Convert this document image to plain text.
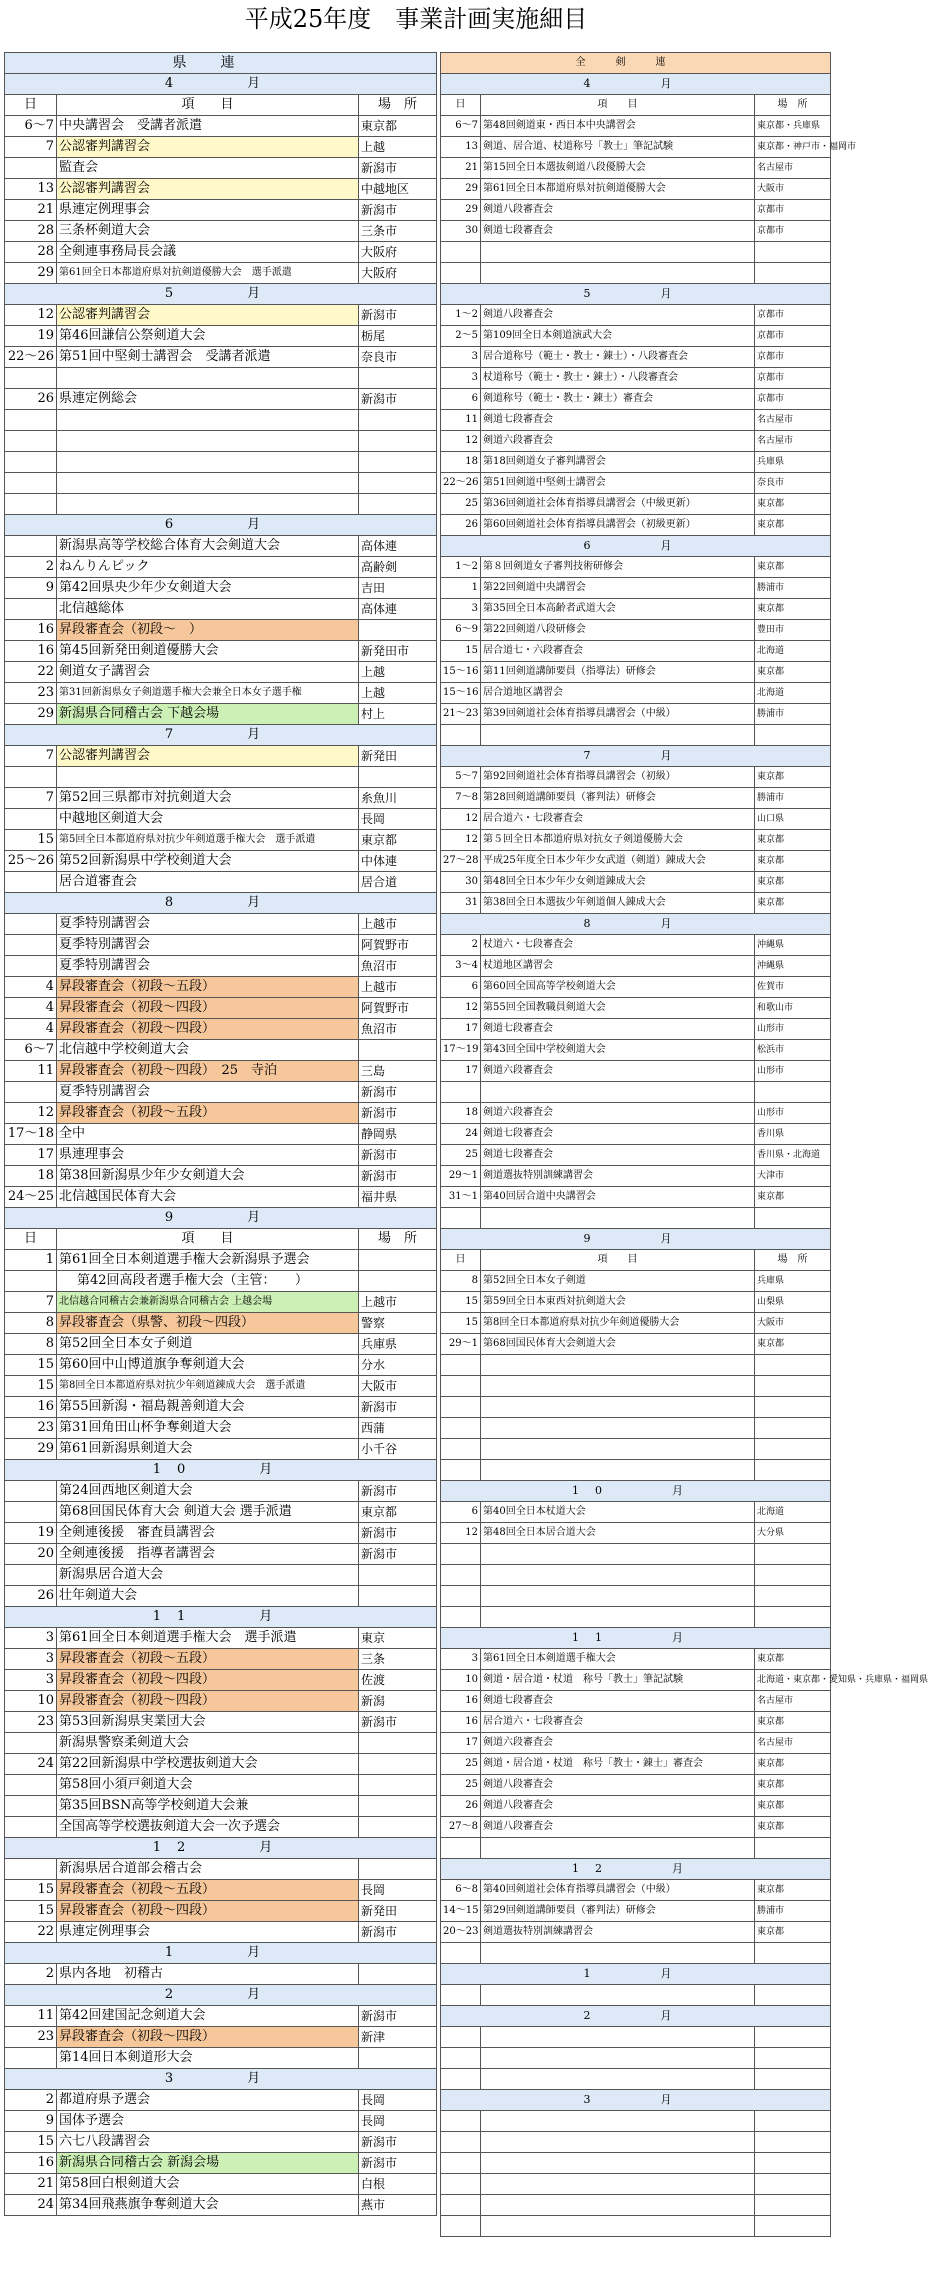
平成25年度　事業計画実施細目
県連		
4　　月		
日	項　　目	場　所
6～7	中央講習会　受講者派遣	東京都
7	公認審判講習会	上越
	監査会	新潟市
13	公認審判講習会	中越地区
21	県連定例理事会	新潟市
28	三条杯剣道大会	三条市
28	全剣連事務局長会議	大阪府
29	第61回全日本都道府県対抗剣道優勝大会　選手派遣	大阪府
5　　月		
12	公認審判講習会	新潟市
19	第46回謙信公祭剣道大会	栃尾
22～26	第51回中堅剣士講習会　受講者派遣	奈良市

26	県連定例総会	新潟市

6　　月		
	新潟県高等学校総合体育大会剣道大会	高体連
2	ねんりんピック	高齢剣
9	第42回県央少年少女剣道大会	吉田
	北信越総体	高体連
16	昇段審査会（初段～　）	
16	第45回新発田剣道優勝大会	新発田市
22	剣道女子講習会	上越
23	第31回新潟県女子剣道選手権大会兼全日本女子選手権	上越
29	新潟県合同稽古会 下越会場	村上
7　　月		
7	公認審判講習会	新発田

7	第52回三県都市対抗剣道大会	糸魚川
	中越地区剣道大会	長岡
15	第5回全日本都道府県対抗少年剣道選手権大会　選手派遣	東京都
25～26	第52回新潟県中学校剣道大会	中体連
	居合道審査会	居合道
8　　月		
	夏季特別講習会	上越市
	夏季特別講習会	阿賀野市
	夏季特別講習会	魚沼市
4	昇段審査会（初段～五段）	上越市
4	昇段審査会（初段～四段）	阿賀野市
4	昇段審査会（初段～四段）	魚沼市
6～7	北信越中学校剣道大会	
11	昇段審査会（初段～四段）　25　寺泊	三島
	夏季特別講習会	新潟市
12	昇段審査会（初段～五段）	新潟市
17～18	全中	静岡県
17	県連理事会	新潟市
18	第38回新潟県少年少女剣道大会	新潟市
24～25	北信越国民体育大会	福井県
9　　月		
日	項　　目	場　所
1	第61回全日本剣道選手権大会新潟県予選会	
	第42回高段者選手権大会（主管：　　）	
7	北信越合同稽古会兼新潟県合同稽古会 上越会場	上越市
8	昇段審査会（県警、初段～四段）	警察
8	第52回全日本女子剣道	兵庫県
15	第60回中山博道旗争奪剣道大会	分水
15	第8回全日本都道府県対抗少年剣道錬成大会　選手派遣	大阪市
16	第55回新潟・福島親善剣道大会	新潟市
23	第31回角田山杯争奪剣道大会	西蒲
29	第61回新潟県剣道大会	小千谷
10　　月		
	第24回西地区剣道大会	新潟市
	第68回国民体育大会 剣道大会 選手派遣	東京都
19	全剣連後援　審査員講習会	新潟市
20	全剣連後援　指導者講習会	新潟市
	新潟県居合道大会	
26	壮年剣道大会	
11　　月		
3	第61回全日本剣道選手権大会　選手派遣	東京
3	昇段審査会（初段～五段）	三条
3	昇段審査会（初段～四段）	佐渡
10	昇段審査会（初段～四段）	新潟
23	第53回新潟県実業団大会	新潟市
	新潟県警察柔剣道大会	
24	第22回新潟県中学校選抜剣道大会	
	第58回小須戸剣道大会	
	第35回BSN高等学校剣道大会兼	
	全国高等学校選抜剣道大会一次予選会	
12　　月		
	新潟県居合道部会稽古会	
15	昇段審査会（初段～五段）	長岡
15	昇段審査会（初段～四段）	新発田
22	県連定例理事会	新潟市
1　　月		
2	県内各地　初稽古	
2　　月		
11	第42回建国記念剣道大会	新潟市
23	昇段審査会（初段～四段）	新津
	第14回日本剣道形大会	
3　　月		
2	都道府県予選会	長岡
9	国体予選会	長岡
15	六七八段講習会	新潟市
16	新潟県合同稽古会 新潟会場	新潟市
21	第58回白根剣道大会	白根
24	第34回飛燕旗争奪剣道大会	燕市
全剣連		
4　　月		
日	項　　目	場　所
6～7	第48回剣道東・西日本中央講習会	東京都・兵庫県
13	剣道、居合道、杖道称号「教士」筆記試験	東京都・神戸市・福岡市
21	第15回全日本選抜剣道八段優勝大会	名古屋市
29	第61回全日本都道府県対抗剣道優勝大会	大阪市
29	剣道八段審査会	京都市
30	剣道七段審査会	京都市

5　　月		
1～2	剣道八段審査会	京都市
2～5	第109回全日本剣道演武大会	京都市
3	居合道称号（範士・教士・錬士）・八段審査会	京都市
3	杖道称号（範士・教士・錬士）・八段審査会	京都市
6	剣道称号（範士・教士・錬士）審査会	京都市
11	剣道七段審査会	名古屋市
12	剣道六段審査会	名古屋市
18	第18回剣道女子審判講習会	兵庫県
22～26	第51回剣道中堅剣士講習会	奈良市
25	第36回剣道社会体育指導員講習会（中級更新）	東京都
26	第60回剣道社会体育指導員講習会（初級更新）	東京都
6　　月		
1～2	第８回剣道女子審判技術研修会	東京都
1	第22回剣道中央講習会	勝浦市
3	第35回全日本高齢者武道大会	東京都
6～9	第22回剣道八段研修会	豊田市
15	居合道七・六段審査会	北海道
15～16	第11回剣道講師要員（指導法）研修会	東京都
15～16	居合道地区講習会	北海道
21～23	第39回剣道社会体育指導員講習会（中級）	勝浦市

7　　月		
5～7	第92回剣道社会体育指導員講習会（初級）	東京都
7～8	第28回剣道講師要員（審判法）研修会	勝浦市
12	居合道六・七段審査会	山口県
12	第５回全日本都道府県対抗女子剣道優勝大会	東京都
27～28	平成25年度全日本少年少女武道（剣道）錬成大会	東京都
30	第48回全日本少年少女剣道錬成大会	東京都
31	第38回全日本選抜少年剣道個人錬成大会	東京都
8　　月		
2	杖道六・七段審査会	沖縄県
3～4	杖道地区講習会	沖縄県
6	第60回全国高等学校剣道大会	佐賀市
12	第55回全国教職員剣道大会	和歌山市
17	剣道七段審査会	山形市
17～19	第43回全国中学校剣道大会	松浜市
17	剣道六段審査会	山形市

18	剣道六段審査会	山形市
24	剣道七段審査会	香川県
25	剣道七段審査会	香川県・北海道
29～1	剣道選抜特別訓練講習会	大津市
31～1	第40回居合道中央講習会	東京都

9　　月		
日	項　　目	場　所
8	第52回全日本女子剣道	兵庫県
15	第59回全日本東西対抗剣道大会	山梨県
15	第8回全日本都道府県対抗少年剣道優勝大会	大阪市
29～1	第68回国民体育大会剣道大会	東京都

10　　月		
6	第40回全日本杖道大会	北海道
12	第48回全日本居合道大会	大分県

11　　月		
3	第61回全日本剣道選手権大会	東京都
10	剣道・居合道・杖道　称号「教士」筆記試験	北海道・東京都・愛知県・兵庫県・福岡県
16	剣道七段審査会	名古屋市
16	居合道六・七段審査会	東京都
17	剣道六段審査会	名古屋市
25	剣道・居合道・杖道　称号「教士・錬士」審査会	東京都
25	剣道八段審査会	東京都
26	剣道八段審査会	東京都
27～8	剣道八段審査会	東京都

12　　月		
6～8	第40回剣道社会体育指導員講習会（中級）	東京都
14～15	第29回剣道講師要員（審判法）研修会	勝浦市
20～23	剣道選抜特別訓練講習会	東京都

1　　月		

2　　月		

3　　月		
